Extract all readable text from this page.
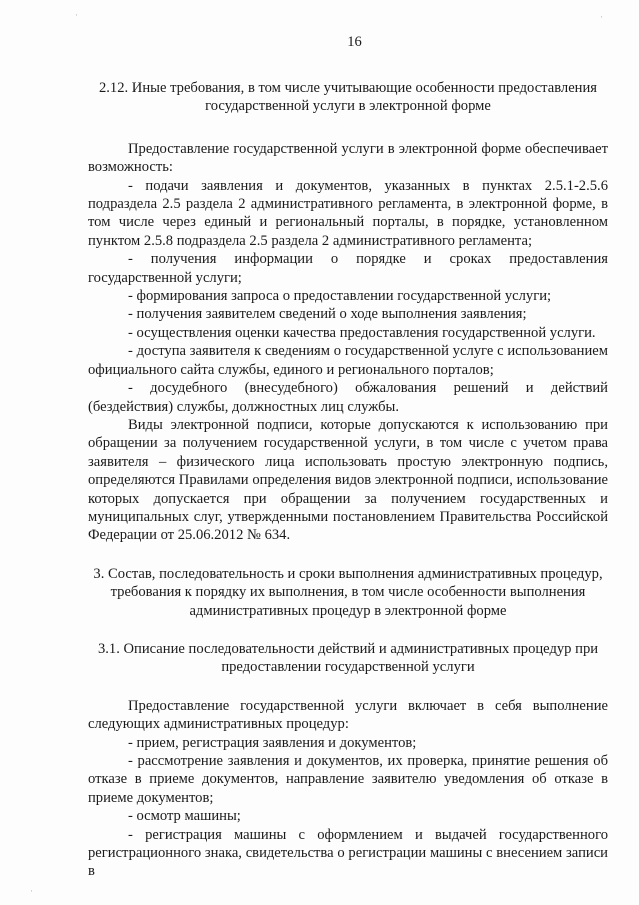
·	·
·
16

2.12. Иные требования, в том числе учитывающие особенности предоставления государственной услуги в электронной форме

Предоставление государственной услуги в электронной форме обеспечивает возможность:

- подачи заявления и документов, указанных в пунктах 2.5.1-2.5.6 подраздела 2.5 раздела 2 административного регламента, в электронной форме, в том числе через единый и региональный порталы, в порядке, установленном пунктом 2.5.8 подраздела 2.5 раздела 2 административного регламента;

- получения информации о порядке и сроках предоставления государственной услуги;

- формирования запроса о предоставлении государственной услуги;

- получения заявителем сведений о ходе выполнения заявления;

- осуществления оценки качества предоставления государственной услуги.

- доступа заявителя к сведениям о государственной услуге с использованием официального сайта службы, единого и регионального порталов;

- досудебного (внесудебного) обжалования решений и действий (бездействия) службы, должностных лиц службы.

Виды электронной подписи, которые допускаются к использованию при обращении за получением государственной услуги, в том числе с учетом права заявителя – физического лица использовать простую электронную подпись, определяются Правилами определения видов электронной подписи, использование которых допускается при обращении за получением государственных и муниципальных слуг, утвержденными постановлением Правительства Российской Федерации от 25.06.2012 № 634.

3. Состав, последовательность и сроки выполнения административных процедур, требования к порядку их выполнения, в том числе особенности выполнения административных процедур в электронной форме

3.1. Описание последовательности действий и административных процедур при предоставлении государственной услуги

Предоставление государственной услуги включает в себя выполнение следующих административных процедур:

- прием, регистрация заявления и документов;

- рассмотрение заявления и документов, их проверка, принятие решения об отказе в приеме документов, направление заявителю уведомления об отказе в приеме документов;

- осмотр машины;

- регистрация машины с оформлением и выдачей государственного регистрационного знака, свидетельства о регистрации машины с внесением записи в
